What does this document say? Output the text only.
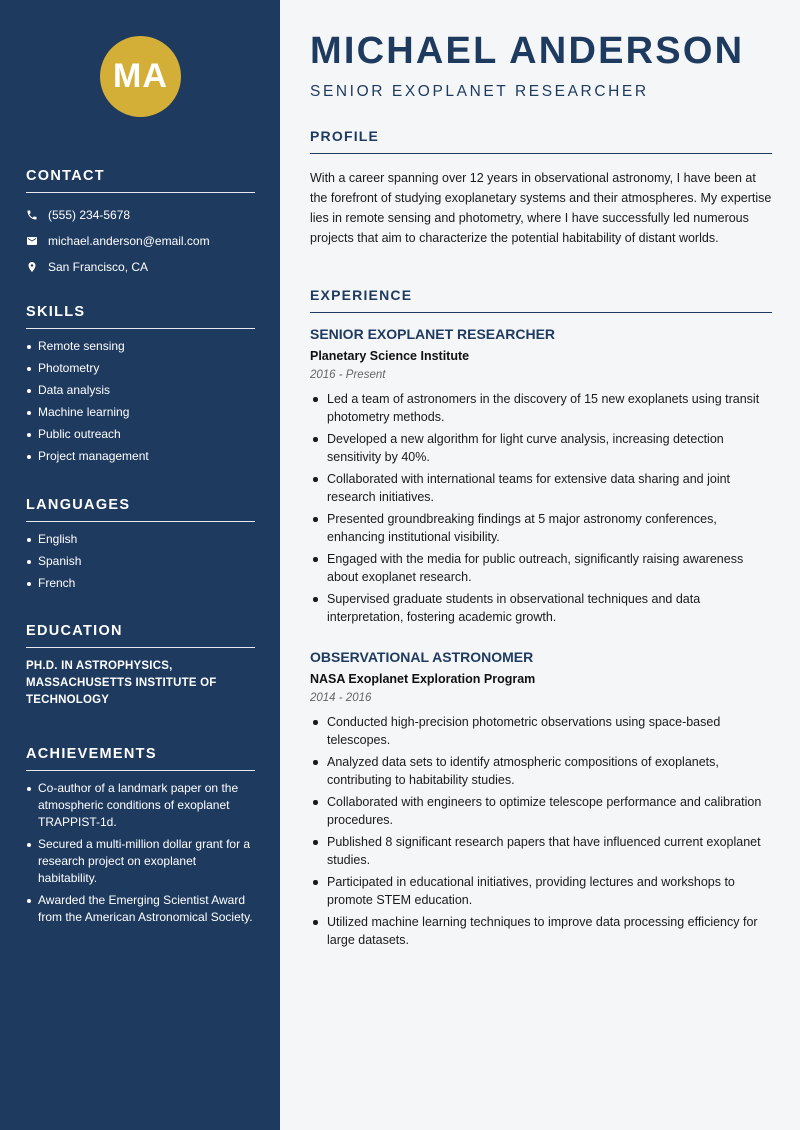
MA
CONTACT
(555) 234-5678
michael.anderson@email.com
San Francisco, CA
SKILLS
Remote sensing
Photometry
Data analysis
Machine learning
Public outreach
Project management
LANGUAGES
English
Spanish
French
EDUCATION
PH.D. IN ASTROPHYSICS, MASSACHUSETTS INSTITUTE OF TECHNOLOGY
ACHIEVEMENTS
Co-author of a landmark paper on the atmospheric conditions of exoplanet TRAPPIST-1d.
Secured a multi-million dollar grant for a research project on exoplanet habitability.
Awarded the Emerging Scientist Award from the American Astronomical Society.
MICHAEL ANDERSON
SENIOR EXOPLANET RESEARCHER
PROFILE

With a career spanning over 12 years in observational astronomy, I have been at the forefront of studying exoplanetary systems and their atmospheres. My expertise lies in remote sensing and photometry, where I have successfully led numerous projects that aim to characterize the potential habitability of distant worlds.

EXPERIENCE
SENIOR EXOPLANET RESEARCHER
Planetary Science Institute
2016 - Present
Led a team of astronomers in the discovery of 15 new exoplanets using transit photometry methods.
Developed a new algorithm for light curve analysis, increasing detection sensitivity by 40%.
Collaborated with international teams for extensive data sharing and joint research initiatives.
Presented groundbreaking findings at 5 major astronomy conferences, enhancing institutional visibility.
Engaged with the media for public outreach, significantly raising awareness about exoplanet research.
Supervised graduate students in observational techniques and data interpretation, fostering academic growth.
OBSERVATIONAL ASTRONOMER
NASA Exoplanet Exploration Program
2014 - 2016
Conducted high-precision photometric observations using space-based telescopes.
Analyzed data sets to identify atmospheric compositions of exoplanets, contributing to habitability studies.
Collaborated with engineers to optimize telescope performance and calibration procedures.
Published 8 significant research papers that have influenced current exoplanet studies.
Participated in educational initiatives, providing lectures and workshops to promote STEM education.
Utilized machine learning techniques to improve data processing efficiency for large datasets.
